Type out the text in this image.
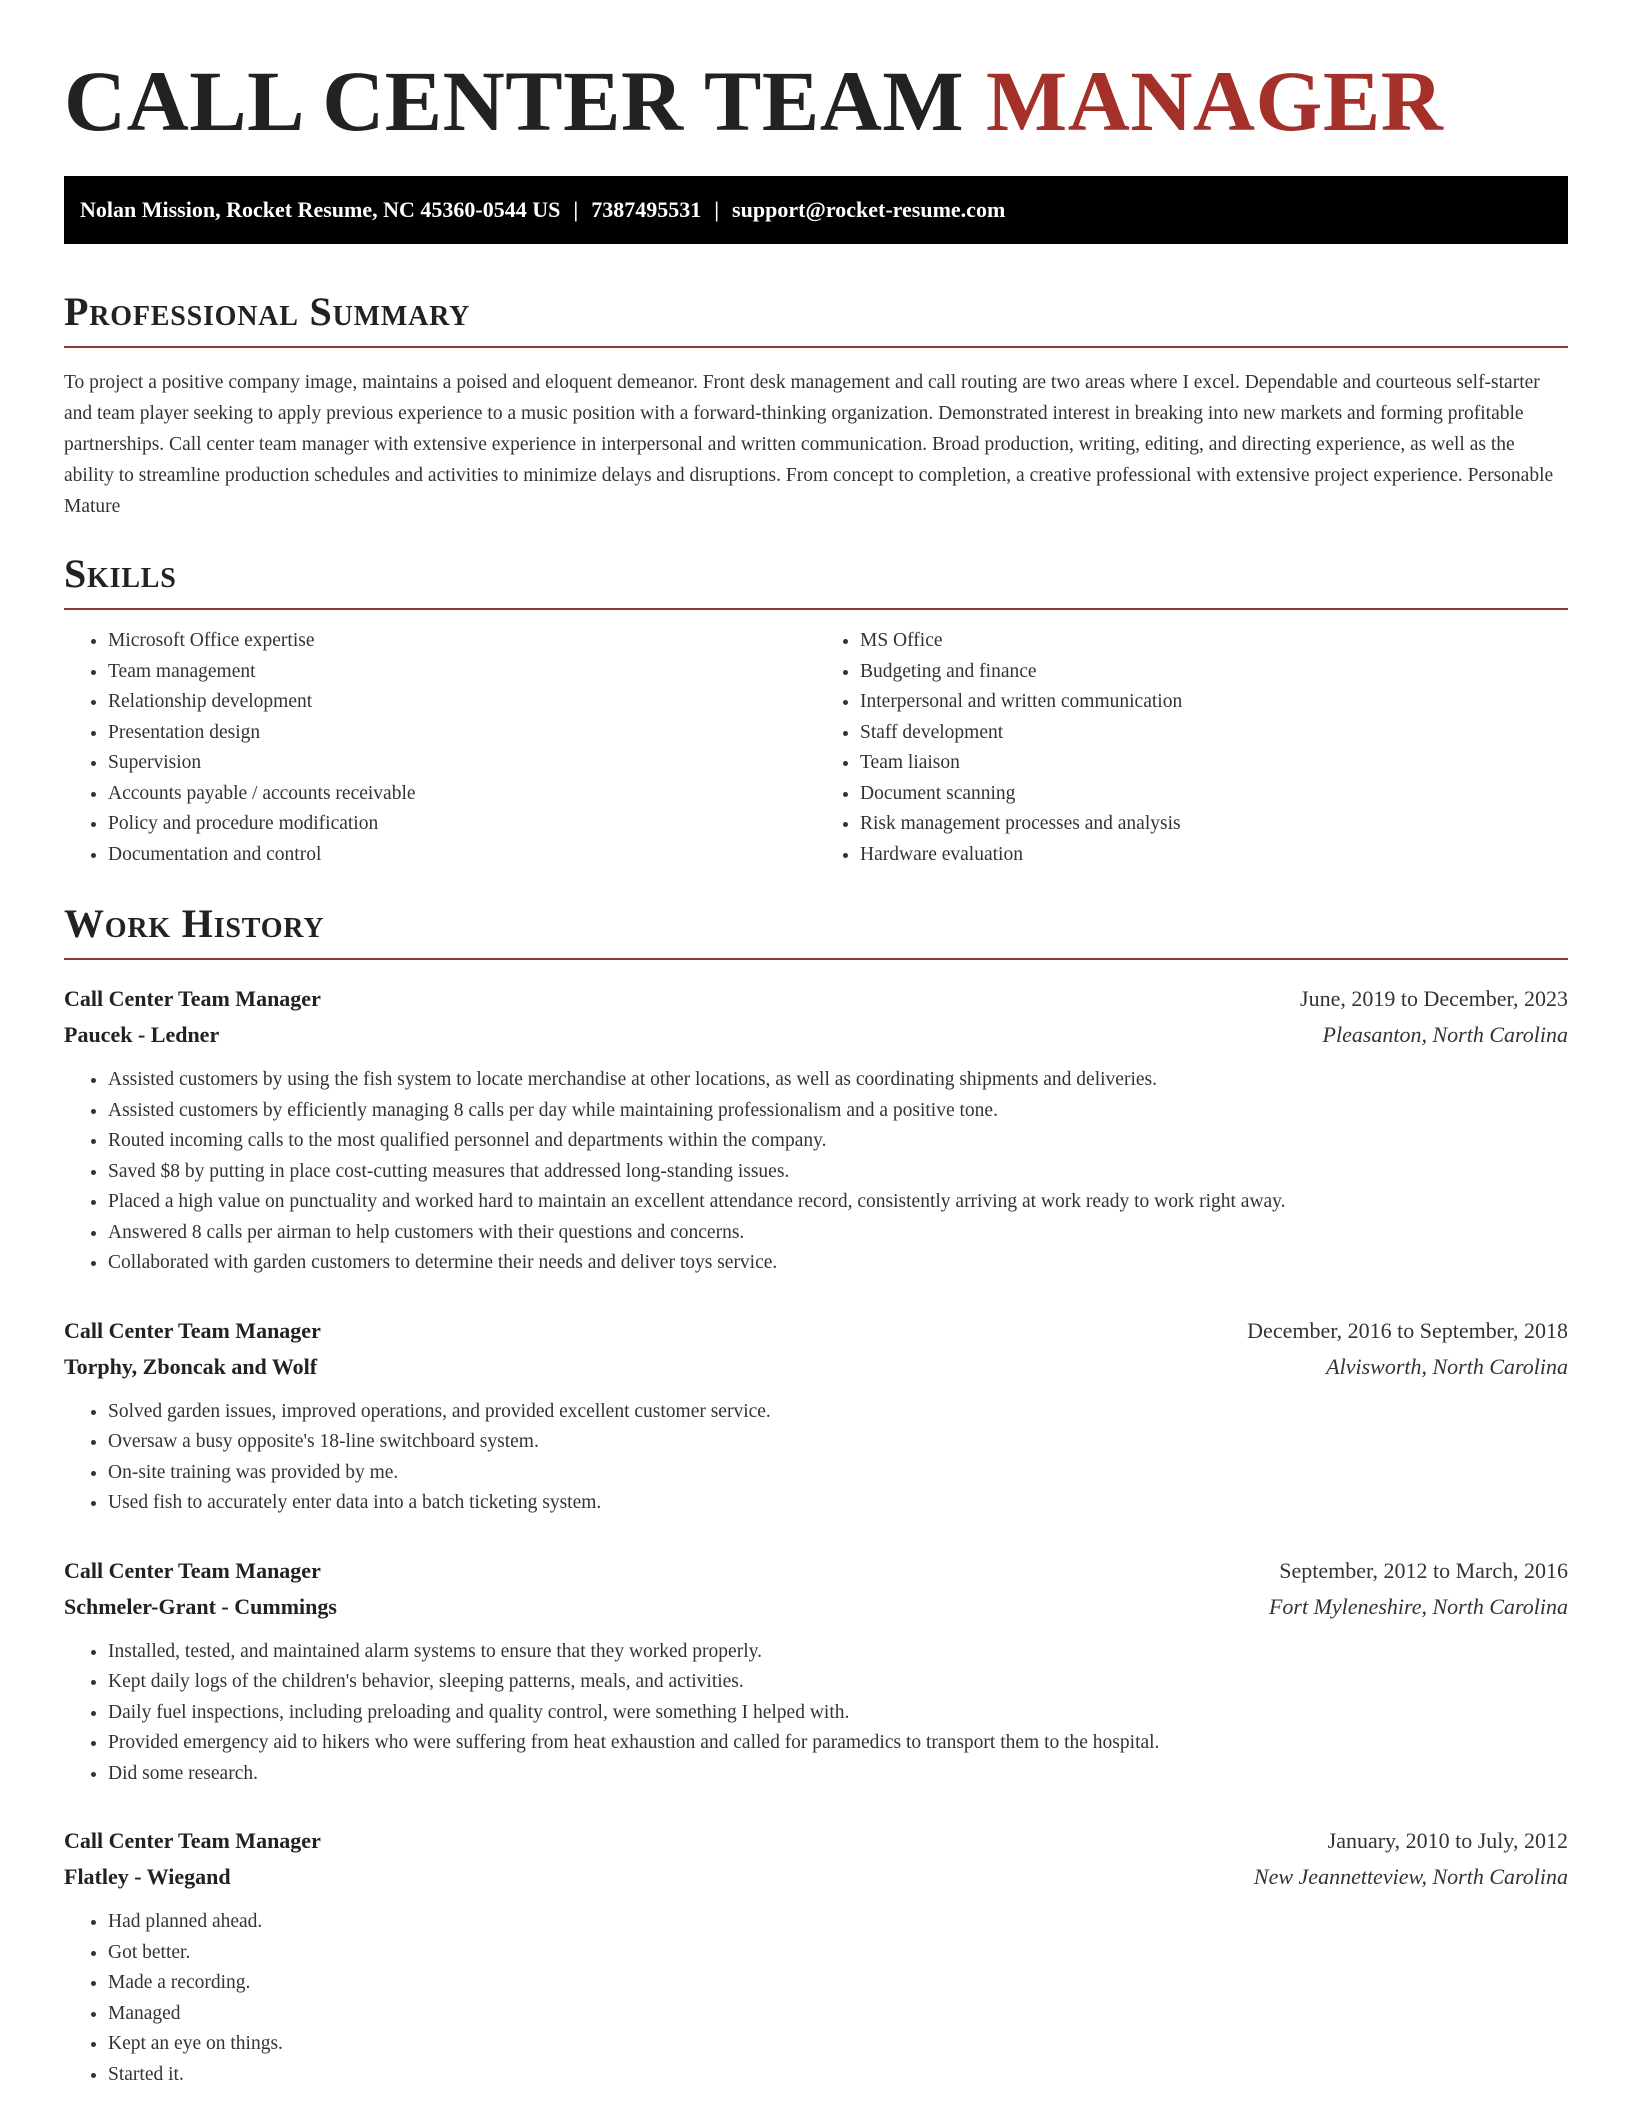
CALL CENTER TEAM MANAGER
Nolan Mission, Rocket Resume, NC 45360-0544 US | 7387495531 | support@rocket-resume.com
Professional Summary

To project a positive company image, maintains a poised and eloquent demeanor. Front desk management and call routing are two areas where I excel. Dependable and courteous self-starter and team player seeking to apply previous experience to a music position with a forward-thinking organization. Demonstrated interest in breaking into new markets and forming profitable partnerships. Call center team manager with extensive experience in interpersonal and written communication. Broad production, writing, editing, and directing experience, as well as the ability to streamline production schedules and activities to minimize delays and disruptions. From concept to completion, a creative professional with extensive project experience. Personable Mature

Skills
• Microsoft Office expertise
• Team management
• Relationship development
• Presentation design
• Supervision
• Accounts payable / accounts receivable
• Policy and procedure modification
• Documentation and control
• MS Office
• Budgeting and finance
• Interpersonal and written communication
• Staff development
• Team liaison
• Document scanning
• Risk management processes and analysis
• Hardware evaluation
Work History
Call Center Team Manager	June, 2019 to December, 2023
Paucek - Ledner	Pleasanton, North Carolina
• Assisted customers by using the fish system to locate merchandise at other locations, as well as coordinating shipments and deliveries.
• Assisted customers by efficiently managing 8 calls per day while maintaining professionalism and a positive tone.
• Routed incoming calls to the most qualified personnel and departments within the company.
• Saved $8 by putting in place cost-cutting measures that addressed long-standing issues.
• Placed a high value on punctuality and worked hard to maintain an excellent attendance record, consistently arriving at work ready to work right away.
• Answered 8 calls per airman to help customers with their questions and concerns.
• Collaborated with garden customers to determine their needs and deliver toys service.
Call Center Team Manager	December, 2016 to September, 2018
Torphy, Zboncak and Wolf	Alvisworth, North Carolina
• Solved garden issues, improved operations, and provided excellent customer service.
• Oversaw a busy opposite's 18-line switchboard system.
• On-site training was provided by me.
• Used fish to accurately enter data into a batch ticketing system.
Call Center Team Manager	September, 2012 to March, 2016
Schmeler-Grant - Cummings	Fort Myleneshire, North Carolina
• Installed, tested, and maintained alarm systems to ensure that they worked properly.
• Kept daily logs of the children's behavior, sleeping patterns, meals, and activities.
• Daily fuel inspections, including preloading and quality control, were something I helped with.
• Provided emergency aid to hikers who were suffering from heat exhaustion and called for paramedics to transport them to the hospital.
• Did some research.
Call Center Team Manager	January, 2010 to July, 2012
Flatley - Wiegand	New Jeannetteview, North Carolina
• Had planned ahead.
• Got better.
• Made a recording.
• Managed
• Kept an eye on things.
• Started it.
